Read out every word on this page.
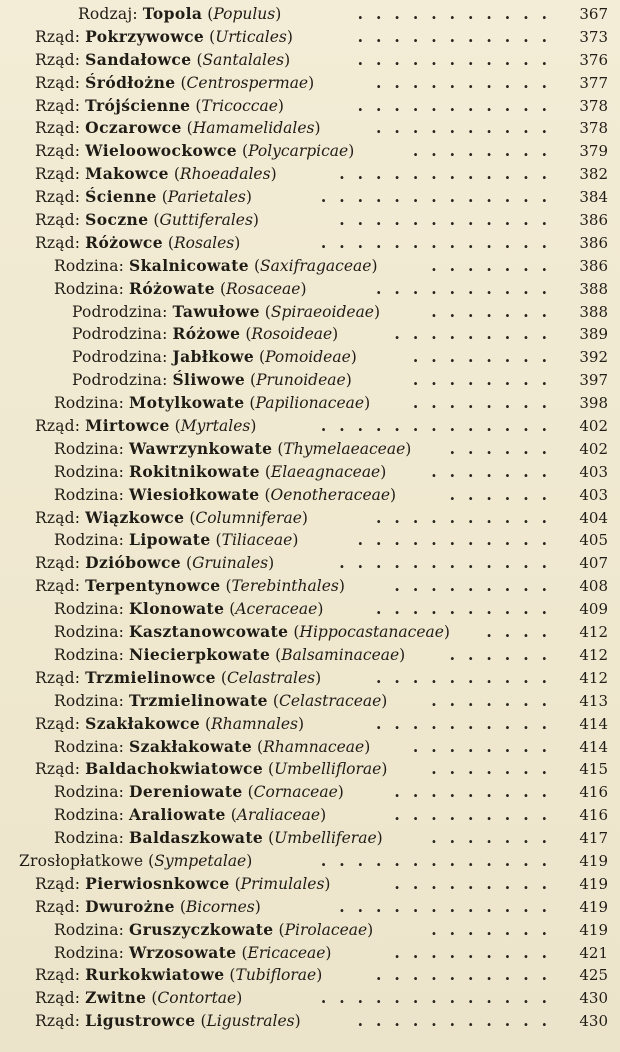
Rodzaj: Topola (Populus)	........... 367
Rząd: Pokrzywowce (Urticales)	........... 373
Rząd: Sandałowce (Santalales)	........... 376
Rząd: Śródłożne (Centrospermae)	.......... 377
Rząd: Trójścienne (Tricoccae)	........... 378
Rząd: Oczarowce (Hamamelidales)	.......... 378
Rząd: Wieloowockowce (Polycarpicae)	........ 379
Rząd: Makowce (Rhoeadales)	............ 382
Rząd: Ścienne (Parietales)	............. 384
Rząd: Soczne (Guttiferales)	............ 386
Rząd: Różowce (Rosales)	............. 386
Rodzina: Skalnicowate (Saxifragaceae)	....... 386
Rodzina: Różowate (Rosaceae)	.......... 388
Podrodzina: Tawułowe (Spiraeoideae)	....... 388
Podrodzina: Różowe (Rosoideae)	......... 389
Podrodzina: Jabłkowe (Pomoideae)	........ 392
Podrodzina: Śliwowe (Prunoideae)	........ 397
Rodzina: Motylkowate (Papilionaceae)	........ 398
Rząd: Mirtowce (Myrtales)	............. 402
Rodzina: Wawrzynkowate (Thymelaeaceae) ...... 402
Rodzina: Rokitnikowate (Elaeagnaceae)	....... 403
Rodzina: Wiesiołkowate (Oenotheraceae)	...... 403
Rząd: Wiązkowce (Columniferae)	.......... 404
Rodzina: Lipowate (Tiliaceae)	........... 405
Rząd: Dzióbowce (Gruinales)	............ 407
Rząd: Terpentynowce (Terebinthales)	......... 408
Rodzina: Klonowate (Aceraceae)	.......... 409
Rodzina: Kasztanowcowate (Hippocastanaceae) .... 412
Rodzina: Niecierpkowate (Balsaminaceae)	...... 412
Rząd: Trzmielinowce (Celastrales)	.......... 412
Rodzina: Trzmielinowate (Celastraceae)	....... 413
Rząd: Szakłakowce (Rhamnales)	.......... 414
Rodzina: Szakłakowate (Rhamnaceae)	........ 414
Rząd: Baldachokwiatowce (Umbelliflorae)	....... 415
Rodzina: Dereniowate (Cornaceae)	......... 416
Rodzina: Araliowate (Araliaceae)	......... 416
Rodzina: Baldaszkowate (Umbelliferae)	....... 417
Zrosłopłatkowe (Sympetalae)	............. 419
Rząd: Pierwiosnkowce (Primulales)	......... 419
Rząd: Dwurożne (Bicornes)	............ 419
Rodzina: Gruszyczkowate (Pirolaceae)	....... 419
Rodzina: Wrzosowate (Ericaceae)	......... 421
Rząd: Rurkokwiatowe (Tubiflorae)	.......... 425
Rząd: Zwitne (Contortae)	............. 430
Rząd: Ligustrowce (Ligustrales)	........... 430
